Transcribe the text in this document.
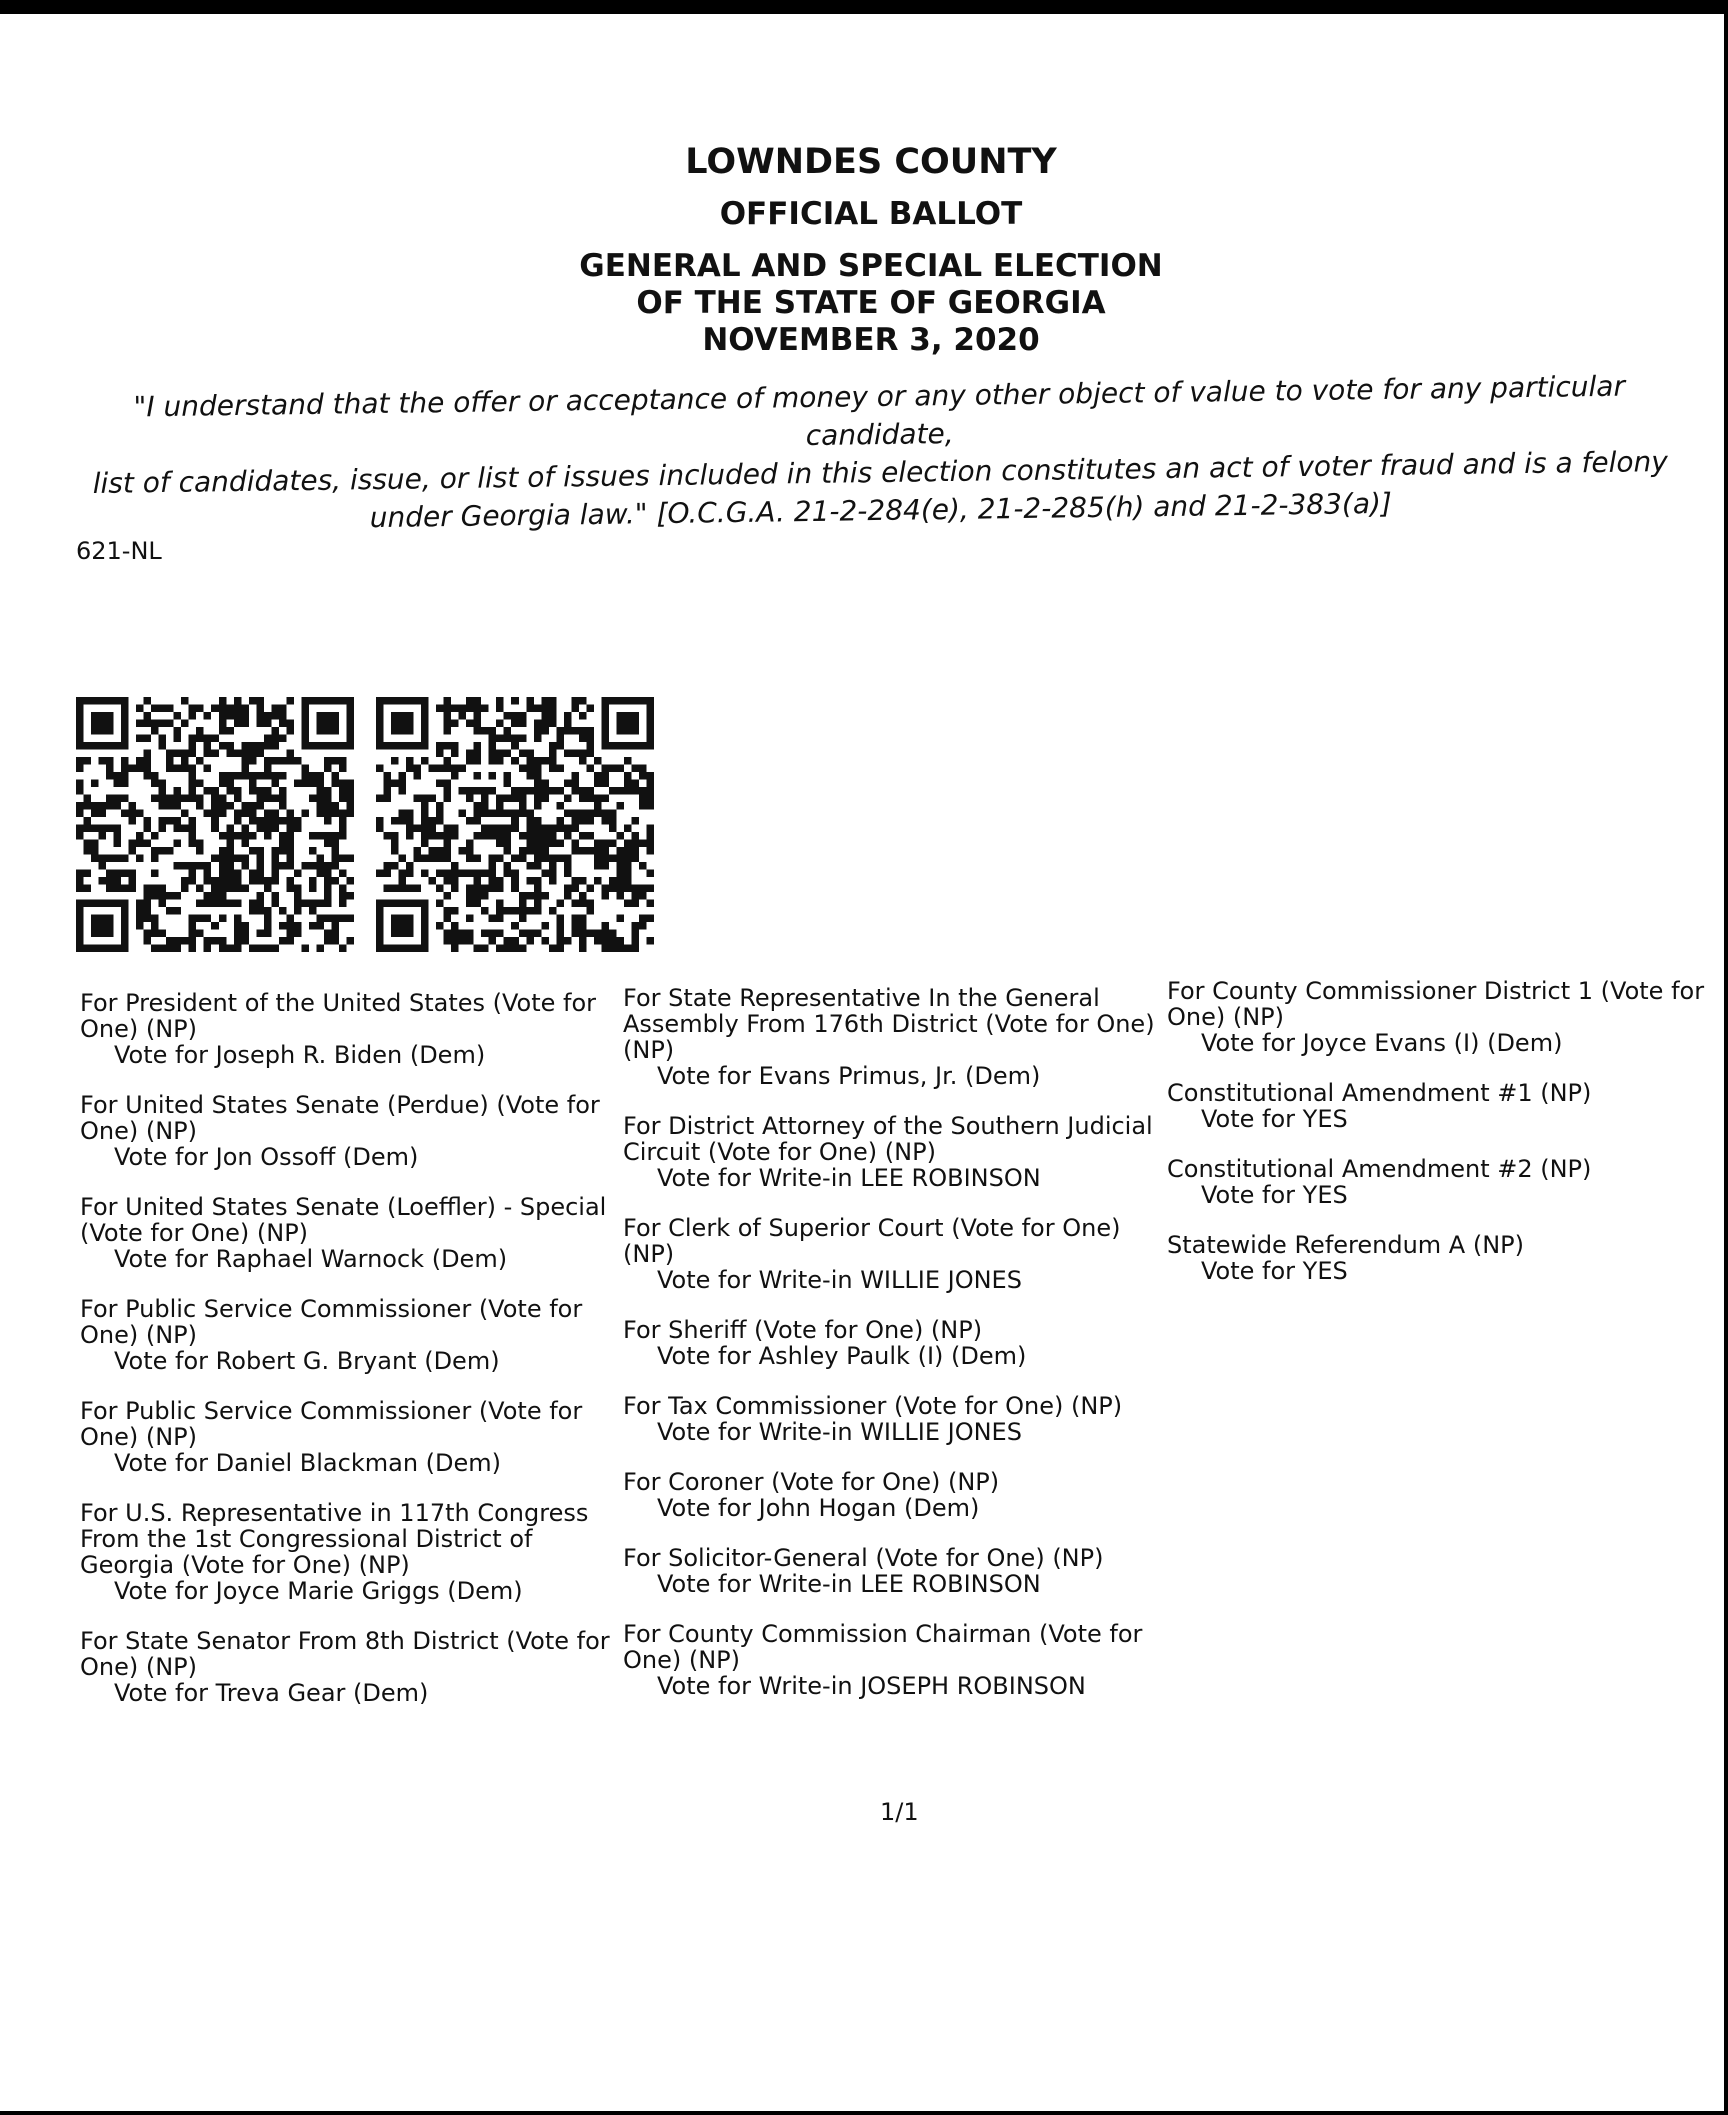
LOWNDES COUNTY
OFFICIAL BALLOT
GENERAL AND SPECIAL ELECTION
OF THE STATE OF GEORGIA
NOVEMBER 3, 2020
"I understand that the offer or acceptance of money or any other object of value to vote for any particular candidate,
list of candidates, issue, or list of issues included in this election constitutes an act of voter fraud and is a felony
under Georgia law." [O.C.G.A. 21-2-284(e), 21-2-285(h) and 21-2-383(a)]
621-NL
For President of the United States (Vote for One) (NP)
Vote for Joseph R. Biden (Dem)
For United States Senate (Perdue) (Vote for One) (NP)
Vote for Jon Ossoff (Dem)
For United States Senate (Loeffler) - Special (Vote for One) (NP)
Vote for Raphael Warnock (Dem)
For Public Service Commissioner (Vote for One) (NP)
Vote for Robert G. Bryant (Dem)
For Public Service Commissioner (Vote for One) (NP)
Vote for Daniel Blackman (Dem)
For U.S. Representative in 117th Congress From the 1st Congressional District of Georgia (Vote for One) (NP)
Vote for Joyce Marie Griggs (Dem)
For State Senator From 8th District (Vote for One) (NP)
Vote for Treva Gear (Dem)
For State Representative In the General Assembly From 176th District (Vote for One) (NP)
Vote for Evans Primus, Jr. (Dem)
For District Attorney of the Southern Judicial Circuit (Vote for One) (NP)
Vote for Write-in LEE ROBINSON
For Clerk of Superior Court (Vote for One) (NP)
Vote for Write-in WILLIE JONES
For Sheriff (Vote for One) (NP)
Vote for Ashley Paulk (I) (Dem)
For Tax Commissioner (Vote for One) (NP)
Vote for Write-in WILLIE JONES
For Coroner (Vote for One) (NP)
Vote for John Hogan (Dem)
For Solicitor-General (Vote for One) (NP)
Vote for Write-in LEE ROBINSON
For County Commission Chairman (Vote for One) (NP)
Vote for Write-in JOSEPH ROBINSON
For County Commissioner District 1 (Vote for One) (NP)
Vote for Joyce Evans (I) (Dem)
Constitutional Amendment #1 (NP)
Vote for YES
Constitutional Amendment #2 (NP)
Vote for YES
Statewide Referendum A (NP)
Vote for YES
1/1
